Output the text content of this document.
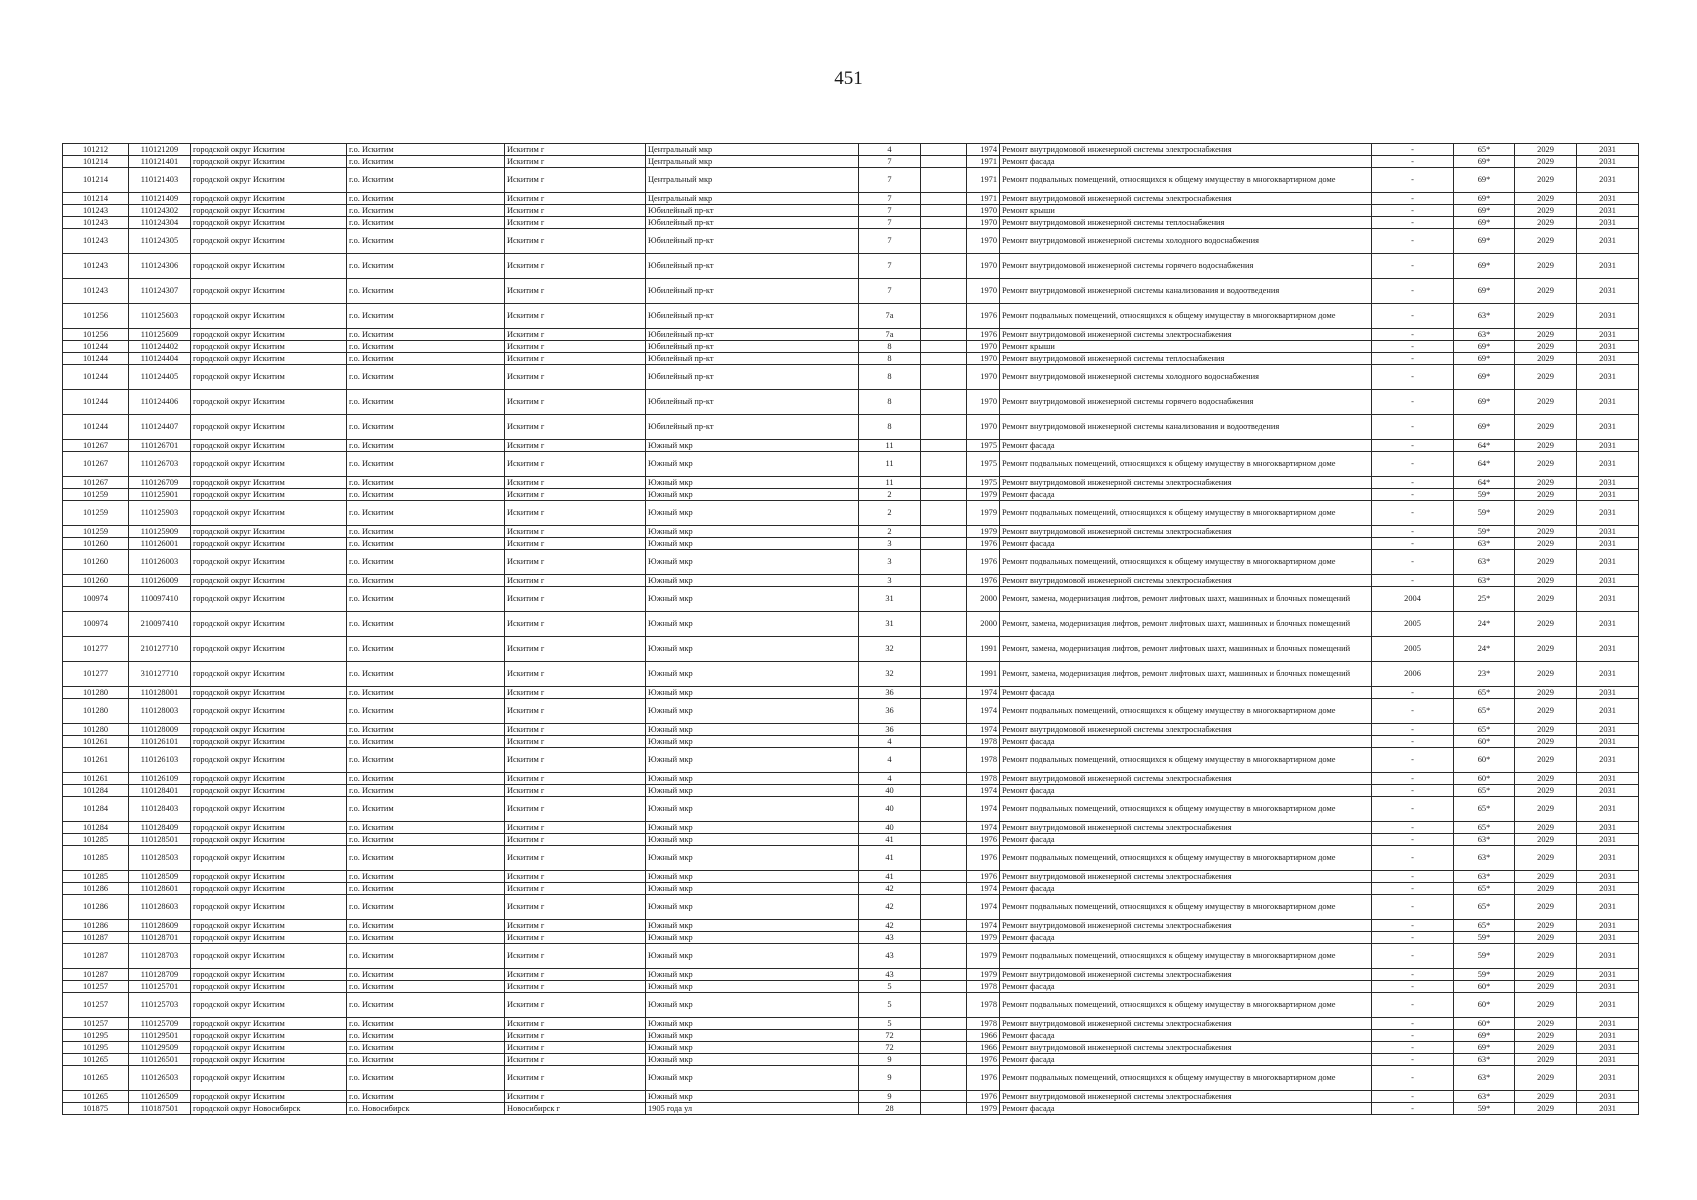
451
101212	110121209	городской округ Искитим	г.о. Искитим	Искитим г	Центральный мкр	4		1974	Ремонт внутридомовой инженерной системы электроснабжения	-	65*	2029	2031
101214	110121401	городской округ Искитим	г.о. Искитим	Искитим г	Центральный мкр	7		1971	Ремонт фасада	-	69*	2029	2031
101214	110121403	городской округ Искитим	г.о. Искитим	Искитим г	Центральный мкр	7		1971	Ремонт подвальных помещений, относящихся к общему имуществу в многоквартирном доме	-	69*	2029	2031
101214	110121409	городской округ Искитим	г.о. Искитим	Искитим г	Центральный мкр	7		1971	Ремонт внутридомовой инженерной системы электроснабжения	-	69*	2029	2031
101243	110124302	городской округ Искитим	г.о. Искитим	Искитим г	Юбилейный пр-кт	7		1970	Ремонт крыши	-	69*	2029	2031
101243	110124304	городской округ Искитим	г.о. Искитим	Искитим г	Юбилейный пр-кт	7		1970	Ремонт внутридомовой инженерной системы теплоснабжения	-	69*	2029	2031
101243	110124305	городской округ Искитим	г.о. Искитим	Искитим г	Юбилейный пр-кт	7		1970	Ремонт внутридомовой инженерной системы холодного водоснабжения	-	69*	2029	2031
101243	110124306	городской округ Искитим	г.о. Искитим	Искитим г	Юбилейный пр-кт	7		1970	Ремонт внутридомовой инженерной системы горячего водоснабжения	-	69*	2029	2031
101243	110124307	городской округ Искитим	г.о. Искитим	Искитим г	Юбилейный пр-кт	7		1970	Ремонт внутридомовой инженерной системы канализования и водоотведения	-	69*	2029	2031
101256	110125603	городской округ Искитим	г.о. Искитим	Искитим г	Юбилейный пр-кт	7а		1976	Ремонт подвальных помещений, относящихся к общему имуществу в многоквартирном доме	-	63*	2029	2031
101256	110125609	городской округ Искитим	г.о. Искитим	Искитим г	Юбилейный пр-кт	7а		1976	Ремонт внутридомовой инженерной системы электроснабжения	-	63*	2029	2031
101244	110124402	городской округ Искитим	г.о. Искитим	Искитим г	Юбилейный пр-кт	8		1970	Ремонт крыши	-	69*	2029	2031
101244	110124404	городской округ Искитим	г.о. Искитим	Искитим г	Юбилейный пр-кт	8		1970	Ремонт внутридомовой инженерной системы теплоснабжения	-	69*	2029	2031
101244	110124405	городской округ Искитим	г.о. Искитим	Искитим г	Юбилейный пр-кт	8		1970	Ремонт внутридомовой инженерной системы холодного водоснабжения	-	69*	2029	2031
101244	110124406	городской округ Искитим	г.о. Искитим	Искитим г	Юбилейный пр-кт	8		1970	Ремонт внутридомовой инженерной системы горячего водоснабжения	-	69*	2029	2031
101244	110124407	городской округ Искитим	г.о. Искитим	Искитим г	Юбилейный пр-кт	8		1970	Ремонт внутридомовой инженерной системы канализования и водоотведения	-	69*	2029	2031
101267	110126701	городской округ Искитим	г.о. Искитим	Искитим г	Южный мкр	11		1975	Ремонт фасада	-	64*	2029	2031
101267	110126703	городской округ Искитим	г.о. Искитим	Искитим г	Южный мкр	11		1975	Ремонт подвальных помещений, относящихся к общему имуществу в многоквартирном доме	-	64*	2029	2031
101267	110126709	городской округ Искитим	г.о. Искитим	Искитим г	Южный мкр	11		1975	Ремонт внутридомовой инженерной системы электроснабжения	-	64*	2029	2031
101259	110125901	городской округ Искитим	г.о. Искитим	Искитим г	Южный мкр	2		1979	Ремонт фасада	-	59*	2029	2031
101259	110125903	городской округ Искитим	г.о. Искитим	Искитим г	Южный мкр	2		1979	Ремонт подвальных помещений, относящихся к общему имуществу в многоквартирном доме	-	59*	2029	2031
101259	110125909	городской округ Искитим	г.о. Искитим	Искитим г	Южный мкр	2		1979	Ремонт внутридомовой инженерной системы электроснабжения	-	59*	2029	2031
101260	110126001	городской округ Искитим	г.о. Искитим	Искитим г	Южный мкр	3		1976	Ремонт фасада	-	63*	2029	2031
101260	110126003	городской округ Искитим	г.о. Искитим	Искитим г	Южный мкр	3		1976	Ремонт подвальных помещений, относящихся к общему имуществу в многоквартирном доме	-	63*	2029	2031
101260	110126009	городской округ Искитим	г.о. Искитим	Искитим г	Южный мкр	3		1976	Ремонт внутридомовой инженерной системы электроснабжения	-	63*	2029	2031
100974	110097410	городской округ Искитим	г.о. Искитим	Искитим г	Южный мкр	31		2000	Ремонт, замена, модернизация лифтов, ремонт лифтовых шахт, машинных и блочных помещений	2004	25*	2029	2031
100974	210097410	городской округ Искитим	г.о. Искитим	Искитим г	Южный мкр	31		2000	Ремонт, замена, модернизация лифтов, ремонт лифтовых шахт, машинных и блочных помещений	2005	24*	2029	2031
101277	210127710	городской округ Искитим	г.о. Искитим	Искитим г	Южный мкр	32		1991	Ремонт, замена, модернизация лифтов, ремонт лифтовых шахт, машинных и блочных помещений	2005	24*	2029	2031
101277	310127710	городской округ Искитим	г.о. Искитим	Искитим г	Южный мкр	32		1991	Ремонт, замена, модернизация лифтов, ремонт лифтовых шахт, машинных и блочных помещений	2006	23*	2029	2031
101280	110128001	городской округ Искитим	г.о. Искитим	Искитим г	Южный мкр	36		1974	Ремонт фасада	-	65*	2029	2031
101280	110128003	городской округ Искитим	г.о. Искитим	Искитим г	Южный мкр	36		1974	Ремонт подвальных помещений, относящихся к общему имуществу в многоквартирном доме	-	65*	2029	2031
101280	110128009	городской округ Искитим	г.о. Искитим	Искитим г	Южный мкр	36		1974	Ремонт внутридомовой инженерной системы электроснабжения	-	65*	2029	2031
101261	110126101	городской округ Искитим	г.о. Искитим	Искитим г	Южный мкр	4		1978	Ремонт фасада	-	60*	2029	2031
101261	110126103	городской округ Искитим	г.о. Искитим	Искитим г	Южный мкр	4		1978	Ремонт подвальных помещений, относящихся к общему имуществу в многоквартирном доме	-	60*	2029	2031
101261	110126109	городской округ Искитим	г.о. Искитим	Искитим г	Южный мкр	4		1978	Ремонт внутридомовой инженерной системы электроснабжения	-	60*	2029	2031
101284	110128401	городской округ Искитим	г.о. Искитим	Искитим г	Южный мкр	40		1974	Ремонт фасада	-	65*	2029	2031
101284	110128403	городской округ Искитим	г.о. Искитим	Искитим г	Южный мкр	40		1974	Ремонт подвальных помещений, относящихся к общему имуществу в многоквартирном доме	-	65*	2029	2031
101284	110128409	городской округ Искитим	г.о. Искитим	Искитим г	Южный мкр	40		1974	Ремонт внутридомовой инженерной системы электроснабжения	-	65*	2029	2031
101285	110128501	городской округ Искитим	г.о. Искитим	Искитим г	Южный мкр	41		1976	Ремонт фасада	-	63*	2029	2031
101285	110128503	городской округ Искитим	г.о. Искитим	Искитим г	Южный мкр	41		1976	Ремонт подвальных помещений, относящихся к общему имуществу в многоквартирном доме	-	63*	2029	2031
101285	110128509	городской округ Искитим	г.о. Искитим	Искитим г	Южный мкр	41		1976	Ремонт внутридомовой инженерной системы электроснабжения	-	63*	2029	2031
101286	110128601	городской округ Искитим	г.о. Искитим	Искитим г	Южный мкр	42		1974	Ремонт фасада	-	65*	2029	2031
101286	110128603	городской округ Искитим	г.о. Искитим	Искитим г	Южный мкр	42		1974	Ремонт подвальных помещений, относящихся к общему имуществу в многоквартирном доме	-	65*	2029	2031
101286	110128609	городской округ Искитим	г.о. Искитим	Искитим г	Южный мкр	42		1974	Ремонт внутридомовой инженерной системы электроснабжения	-	65*	2029	2031
101287	110128701	городской округ Искитим	г.о. Искитим	Искитим г	Южный мкр	43		1979	Ремонт фасада	-	59*	2029	2031
101287	110128703	городской округ Искитим	г.о. Искитим	Искитим г	Южный мкр	43		1979	Ремонт подвальных помещений, относящихся к общему имуществу в многоквартирном доме	-	59*	2029	2031
101287	110128709	городской округ Искитим	г.о. Искитим	Искитим г	Южный мкр	43		1979	Ремонт внутридомовой инженерной системы электроснабжения	-	59*	2029	2031
101257	110125701	городской округ Искитим	г.о. Искитим	Искитим г	Южный мкр	5		1978	Ремонт фасада	-	60*	2029	2031
101257	110125703	городской округ Искитим	г.о. Искитим	Искитим г	Южный мкр	5		1978	Ремонт подвальных помещений, относящихся к общему имуществу в многоквартирном доме	-	60*	2029	2031
101257	110125709	городской округ Искитим	г.о. Искитим	Искитим г	Южный мкр	5		1978	Ремонт внутридомовой инженерной системы электроснабжения	-	60*	2029	2031
101295	110129501	городской округ Искитим	г.о. Искитим	Искитим г	Южный мкр	72		1966	Ремонт фасада	-	69*	2029	2031
101295	110129509	городской округ Искитим	г.о. Искитим	Искитим г	Южный мкр	72		1966	Ремонт внутридомовой инженерной системы электроснабжения	-	69*	2029	2031
101265	110126501	городской округ Искитим	г.о. Искитим	Искитим г	Южный мкр	9		1976	Ремонт фасада	-	63*	2029	2031
101265	110126503	городской округ Искитим	г.о. Искитим	Искитим г	Южный мкр	9		1976	Ремонт подвальных помещений, относящихся к общему имуществу в многоквартирном доме	-	63*	2029	2031
101265	110126509	городской округ Искитим	г.о. Искитим	Искитим г	Южный мкр	9		1976	Ремонт внутридомовой инженерной системы электроснабжения	-	63*	2029	2031
101875	110187501	городской округ Новосибирск	г.о. Новосибирск	Новосибирск г	1905 года ул	28		1979	Ремонт фасада	-	59*	2029	2031
